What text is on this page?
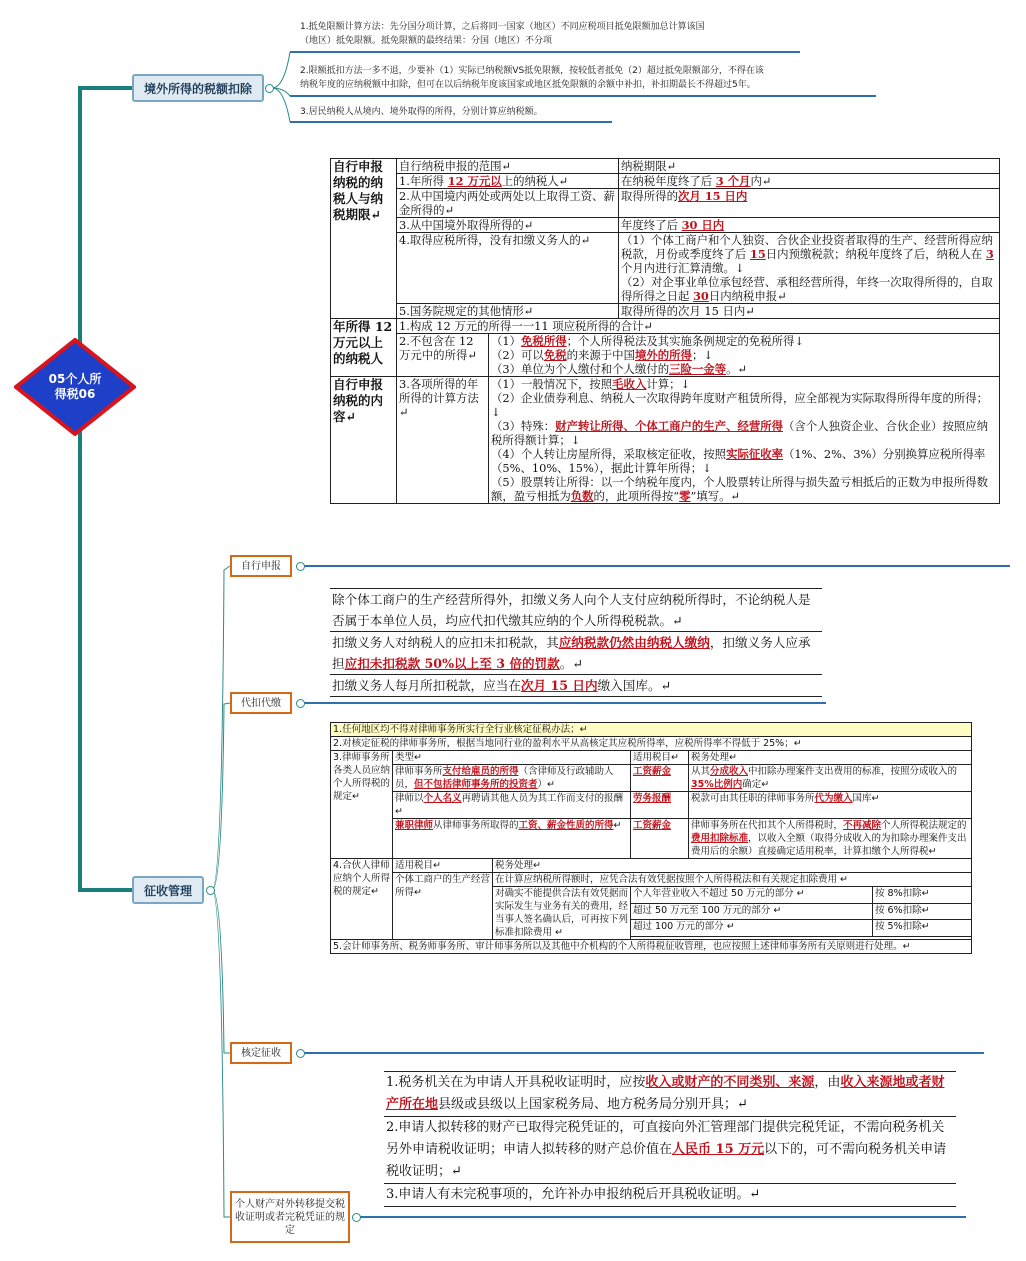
05个人所
得税06
境外所得的税额扣除
征收管理
1.抵免限额计算方法：先分国分项计算，之后将同一国家（地区）不同应税项目抵免限额加总计算该国
（地区）抵免限额。抵免限额的最终结果：分国（地区）不分项
2.限额抵扣方法一多不退，少要补（1）实际已纳税额VS抵免限额，按较低者抵免（2）超过抵免限额部分，不得在该
纳税年度的应纳税额中扣除，但可在以后纳税年度该国家或地区抵免限额的余额中补扣，补扣期最长不得超过5年。
3.居民纳税人从境内、境外取得的所得，分别计算应纳税额。
自行申报
代扣代缴
核定征收
个人财产对外转移提交税收证明或者完税凭证的规定
自行申报纳税的纳税人与纳税期限↵	自行纳税申报的范围↵		纳税期限↵
	1.年所得 12 万元以上的纳税人↵		在纳税年度终了后 3 个月内↵
	2.从中国境内两处或两处以上取得工资、薪金所得的↵		取得所得的次月 15 日内
	3.从中国境外取得所得的↵		年度终了后 30 日内
	4.取得应税所得，没有扣缴义务人的↵		（1）个体工商户和个人独资、合伙企业投资者取得的生产、经营所得应纳税款，月份或季度终了后 15日内预缴税款；纳税年度终了后，纳税人在 3个月内进行汇算清缴。↓
（2）对企事业单位承包经营、承租经营所得，年终一次取得所得的，自取得所得之日起 30日内纳税申报↵

	5.国务院规定的其他情形↵		取得所得的次月 15 日内↵
年所得 12 万元以上的纳税人	1.构成 12 万元的所得一一11 项应税所得的合计↵		
	2.不包含在 12 万元中的所得↵	（1）免税所得；个人所得税法及其实施条例规定的免税所得↓
（2）可以免税的来源于中国境外的所得；↓
（3）单位为个人缴付和个人缴付的三险一金等。↵	

自行申报纳税的内容↵	3.各项所得的年所得的计算方法↵	（1）一般情况下，按照毛收入计算；↓
（2）企业债券利息、纳税人一次取得跨年度财产租赁所得，应全部视为实际取得所得年度的所得；↓
（3）特殊：财产转让所得、个体工商户的生产、经营所得（含个人独资企业、合伙企业）按照应纳税所得额计算；↓
（4）个人转让房屋所得，采取核定征收，按照实际征收率（1%、2%、3%）分别换算应税所得率（5%、10%、15%），据此计算年所得；↓
（5）股票转让所得：以一个纳税年度内，个人股票转让所得与损失盈亏相抵后的正数为申报所得数额，盈亏相抵为负数的，此项所得按“零”填写。↵	
除个体工商户的生产经营所得外，扣缴义务人向个人支付应纳税所得时，不论纳税人是否属于本单位人员，均应代扣代缴其应纳的个人所得税税款。↵
扣缴义务人对纳税人的应扣未扣税款，其应纳税款仍然由纳税人缴纳，扣缴义务人应承担应扣未扣税款 50%以上至 3 倍的罚款。↵
扣缴义务人每月所扣税款，应当在次月 15 日内缴入国库。↵
1.任何地区均不得对律师事务所实行全行业核定征税办法；↵					
2.对核定征税的律师事务所，根据当地同行业的盈利水平从高核定其应税所得率，应税所得率不得低于 25%；↵					
3.律师事务所各类人员应纳个人所得税的规定↵	类型↵		适用税目↵	税务处理↵	
	律师事务所支付给雇员的所得（含律师及行政辅助人员，但不包括律师事务所的投资者）↵		工资薪金	从其分成收入中扣除办理案件支出费用的标准，按照分成收入的35%比例内确定↵	
	律师以个人名义再聘请其他人员为其工作而支付的报酬↵		劳务报酬	税款可由其任职的律师事务所代为缴入国库↵	
	兼职律师从律师事务所取得的工资、薪金性质的所得↵		工资薪金	律师事务所在代扣其个人所得税时，不再减除个人所得税法规定的费用扣除标准，以收入全额（取得分成收入的为扣除办理案件支出费用后的余额）直接确定适用税率，计算扣缴个人所得税↵	
4.合伙人律师应纳个人所得税的规定↵	适用税目↵	税务处理↵			
	个体工商户的生产经营所得↵	在计算应纳税所得额时，应凭合法有效凭据按照个人所得税法和有关规定扣除费用 ↵			
		对确实不能提供合法有效凭据而实际发生与业务有关的费用，经当事人签名确认后，可再按下列标准扣除费用 ↵	个人年营业收入不超过 50 万元的部分 ↵		按 8%扣除↵
			超过 50 万元至 100 万元的部分 ↵		按 6%扣除↵
			超过 100 万元的部分 ↵		按 5%扣除↵

5.会计师事务所、税务师事务所、审计师事务所以及其他中介机构的个人所得税征收管理，也应按照上述律师事务所有关原则进行处理。↵					
1.税务机关在为申请人开具税收证明时，应按收入或财产的不同类别、来源，由收入来源地或者财产所在地县级或县级以上国家税务局、地方税务局分别开具；↵
2.申请人拟转移的财产已取得完税凭证的，可直接向外汇管理部门提供完税凭证，不需向税务机关另外申请税收证明；申请人拟转移的财产总价值在人民币 15 万元以下的，可不需向税务机关申请税收证明；↵
3.申请人有未完税事项的，允许补办申报纳税后开具税收证明。↵
